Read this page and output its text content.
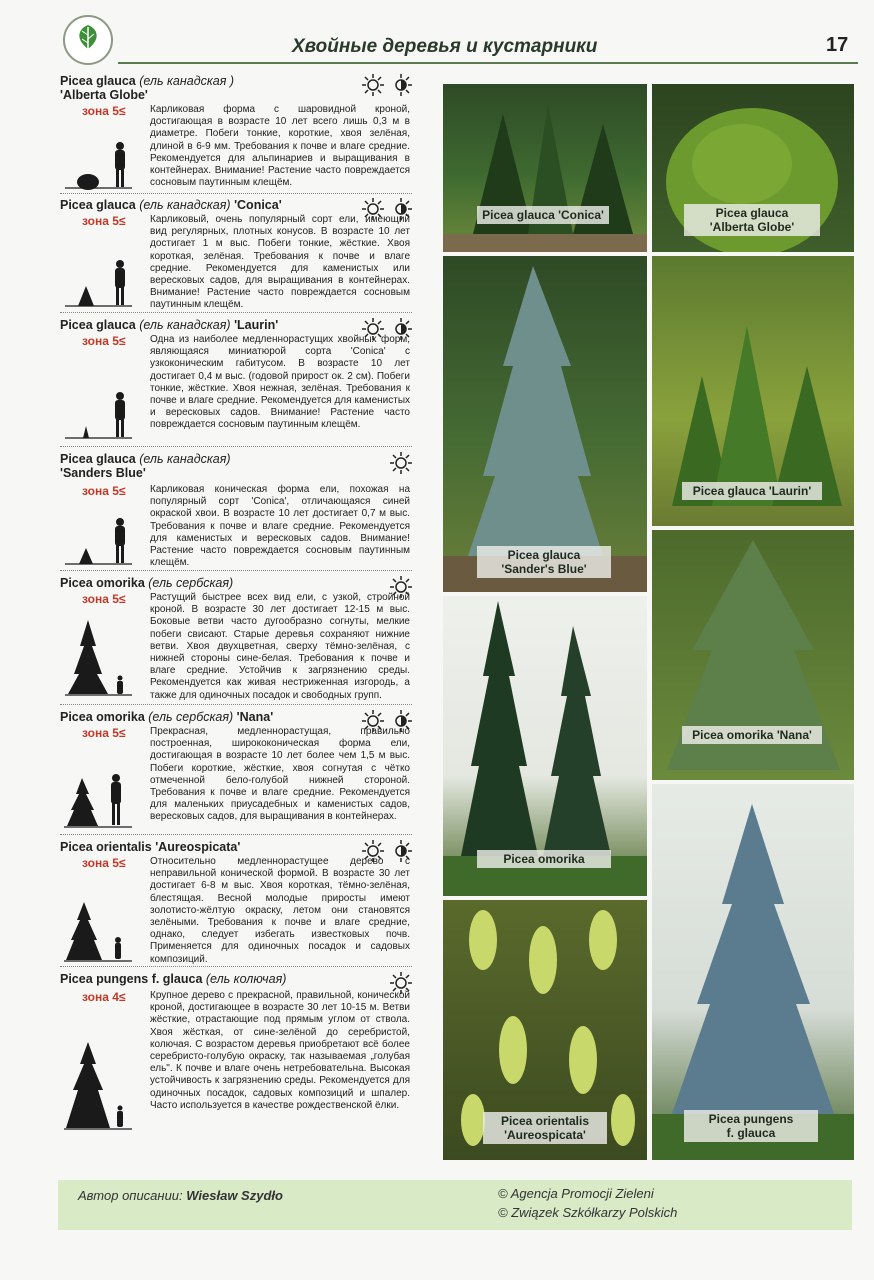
Хвойные деревья и кустарники	17
Picea glauca (ель канадская )
'Alberta Globe'
зона 5≤ Карликовая форма с шаровидной кроной, достигающая в возрасте 10 лет всего лишь 0,3 м в диаметре. Побеги тонкие, короткие, хвоя зелёная, длиной в 6-9 мм. Требования к почве и влаге средние. Рекомендуется для альпинариев и выращивания в контейнерах. Внимание! Растение часто повреждается сосновым паутинным клещём.
Picea glauca (ель канадская) 'Conica'
зона 5≤ Карликовый, очень популярный сорт ели, имеющий вид регулярных, плотных конусов. В возрасте 10 лет достигает 1 м выс. Побеги тонкие, жёсткие. Хвоя короткая, зелёная. Требования к почве и влаге средние. Рекомендуется для каменистых или вересковых садов, для выращивания в контейнерах. Внимание! Растение часто повреждается сосновым паутинным клещём.
Picea glauca (ель канадская) 'Laurin'
зона 5≤ Одна из наиболее медленнорастущих хвойных форм, являющаяся миниатюрой сорта 'Conica' с узкоконическим габитусом. В возрасте 10 лет достигает 0,4 м выс. (годовой прирост ок. 2 см). Побеги тонкие, жёсткие. Хвоя нежная, зелёная. Требования к почве и влаге средние. Рекомендуется для каменистых и вересковых садов. Внимание! Растение часто повреждается сосновым паутинным клещём.
Picea glauca (ель канадская)
'Sanders Blue'
зона 5≤ Карликовая коническая форма ели, похожая на популярный сорт 'Conica', отличающаяся синей окраской хвои. В возрасте 10 лет достигает 0,7 м выс. Требования к почве и влаге средние. Рекомендуется для каменистых и вересковых садов. Внимание! Растение часто повреждается сосновым паутинным клещём.
Picea omorika (ель сербская)
зона 5≤ Растущий быстрее всех вид ели, с узкой, стройной кроной. В возрасте 30 лет достигает 12-15 м выс. Боковые ветви часто дугообразно согнуты, мелкие побеги свисают. Старые деревья сохраняют нижние ветви. Хвоя двухцветная, сверху тёмно-зелёная, с нижней стороны сине-белая. Требования к почве и влаге средние. Устойчив к загрязнению среды. Рекомендуется как живая нестриженная изгородь, а также для одиночных посадок и свободных групп.
Picea omorika (ель сербская) 'Nana'
зона 5≤ Прекрасная, медленнорастущая, правильно построенная, ширококоническая форма ели, достигающая в возрасте 10 лет более чем 1,5 м выс. Побеги короткие, жёсткие, хвоя согнутая с чётко отмеченной бело-голубой нижней стороной. Требования к почве и влаге средние. Рекомендуется для маленьких приусадебных и каменистых садов, вересковых садов, для выращивания в контейнерах.
Picea orientalis 'Aureospicata'
зона 5≤ Относительно медленнорастущее дерево с неправильной конической формой. В возрасте 30 лет достигает 6-8 м выс. Хвоя короткая, тёмно-зелёная, блестящая. Весной молодые приросты имеют золотисто-жёлтую окраску, летом они становятся зелёными. Требования к почве и влаге средние, однако, следует избегать известковых почв. Применяется для одиночных посадок и садовых композиций.
Picea pungens f. glauca (ель колючая)
зона 4≤ Крупное дерево с прекрасной, правильной, конической кроной, достигающее в возрасте 30 лет 10-15 м. Ветви жёсткие, отрастающие под прямым углом от ствола. Хвоя жёсткая, от сине-зелёной до серебристой, колючая. С возрастом деревья приобретают всё более серебристо-голубую окраску, так называемая „голубая ель". К почве и влаге очень нетребовательна. Высокая устойчивость к загрязнению среды. Рекомендуется для одиночных посадок, садовых композиций и шпалер. Часто используется в качестве рождественской ёлки.
Picea glauca 'Conica'	Picea glauca
'Alberta Globe'
Picea glauca
'Sander's Blue'
Picea glauca 'Laurin'
Picea omorika 'Nana'
Picea omorika
Picea orientalis
'Aureospicata'
Picea pungens
f. glauca
Автор описании: Wiesław Szydło	© Agencja Promocji Zieleni
© Związek Szkółkarzy Polskich
